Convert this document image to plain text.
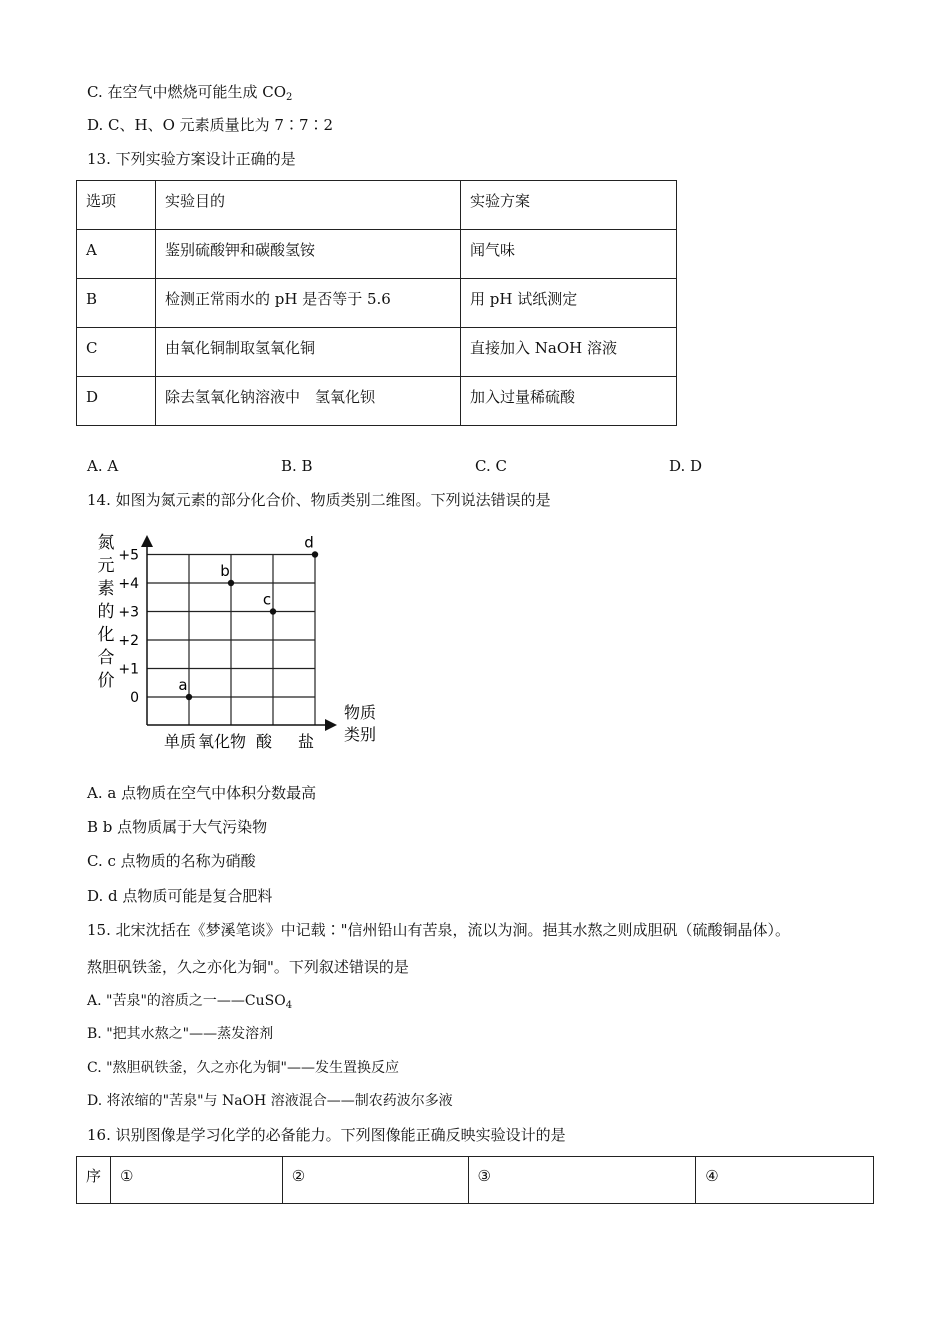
C. 在空气中燃烧可能生成 $CO_2$
D. C、H、O 元素质量比为 7∶7∶2
13. 下列实验方案设计正确的是
选项	实验目的	实验方案
A	鉴别硫酸钾和碳酸氢铵	闻气味
B	检测正常雨水的 pH 是否等于 5.6	用 pH 试纸测定
C	由氧化铜制取氢氧化铜	直接加入 NaOH 溶液
D	除去氢氧化钠溶液中　氢氧化钡	加入过量稀硫酸
A. A	B. B	C. C	D. D
14. 如图为氮元素的部分化合价、物质类别二维图。下列说法错误的是
氮
元
素
的
化
合
价
0
+1
+2
+3
+4
+5
单质 氧化物 酸 盐
a
b
c
d
物质
类别
A. a 点物质在空气中体积分数最高
B b 点物质属于大气污染物
C. c 点物质的名称为硝酸
D. d 点物质可能是复合肥料
15. 北宋沈括在《梦溪笔谈》中记载∶"信州铅山有苦泉，流以为涧。挹其水熬之则成胆矾（硫酸铜晶体）。
熬胆矾铁釜，久之亦化为铜"。下列叙述错误的是
A. "苦泉"的溶质之一——CuSO$_4$
B. "把其水熬之"——蒸发溶剂
C. "熬胆矾铁釜，久之亦化为铜"——发生置换反应
D. 将浓缩的"苦泉"与 NaOH 溶液混合——制农药波尔多液
16. 识别图像是学习化学的必备能力。下列图像能正确反映实验设计的是
序	①	②	③	④
